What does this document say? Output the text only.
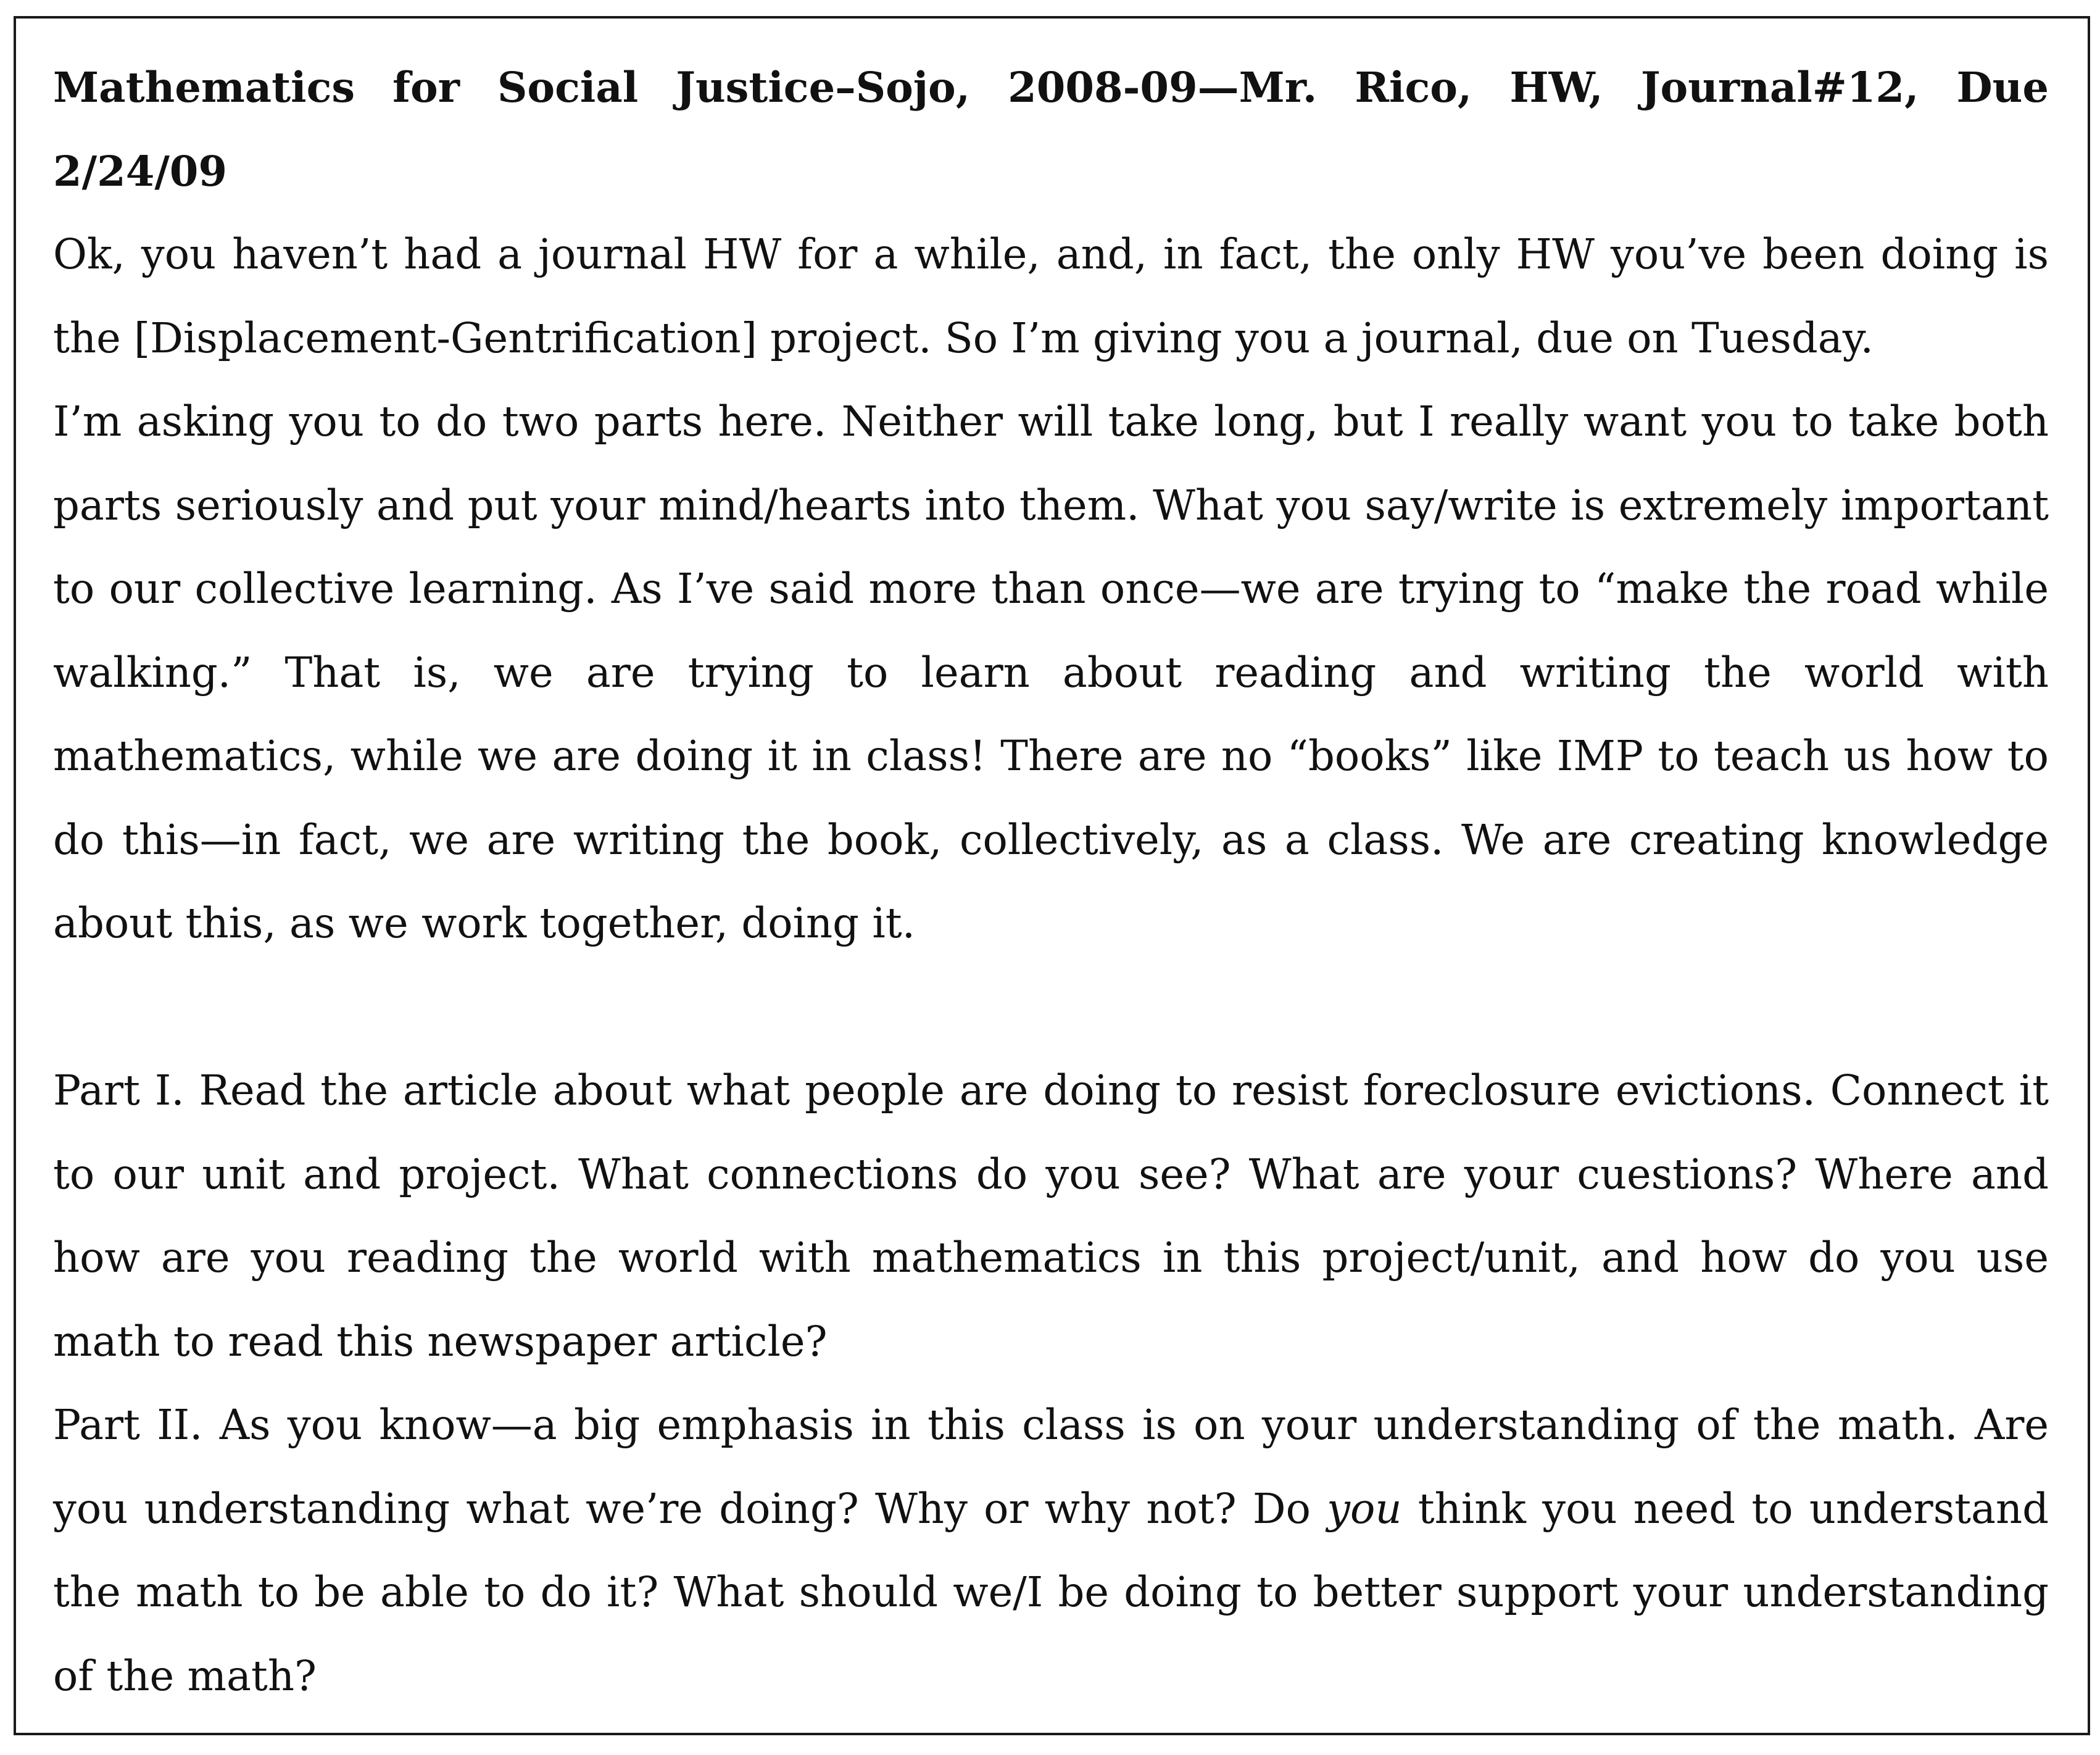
Mathematics for Social Justice–Sojo, 2008-09—Mr. Rico, HW, Journal#12, Due 2/24/09

Ok, you haven’t had a journal HW for a while, and, in fact, the only HW you’ve been doing is the [Displacement-Gentrification] project. So I’m giving you a journal, due on Tuesday.

I’m asking you to do two parts here. Neither will take long, but I really want you to take both parts seriously and put your mind/hearts into them. What you say/write is extremely important to our collective learning. As I’ve said more than once—we are trying to “make the road while walking.” That is, we are trying to learn about reading and writing the world with mathematics, while we are doing it in class! There are no “books” like IMP to teach us how to do this—in fact, we are writing the book, collectively, as a class. We are creating knowledge about this, as we work together, doing it.

Part I. Read the article about what people are doing to resist foreclosure evictions. Connect it to our unit and project. What connections do you see? What are your cuestions? Where and how are you reading the world with mathematics in this project/unit, and how do you use math to read this newspaper article?

Part II. As you know—a big emphasis in this class is on your understanding of the math. Are you understanding what we’re doing? Why or why not? Do you think you need to understand the math to be able to do it? What should we/I be doing to better support your understanding of the math?
